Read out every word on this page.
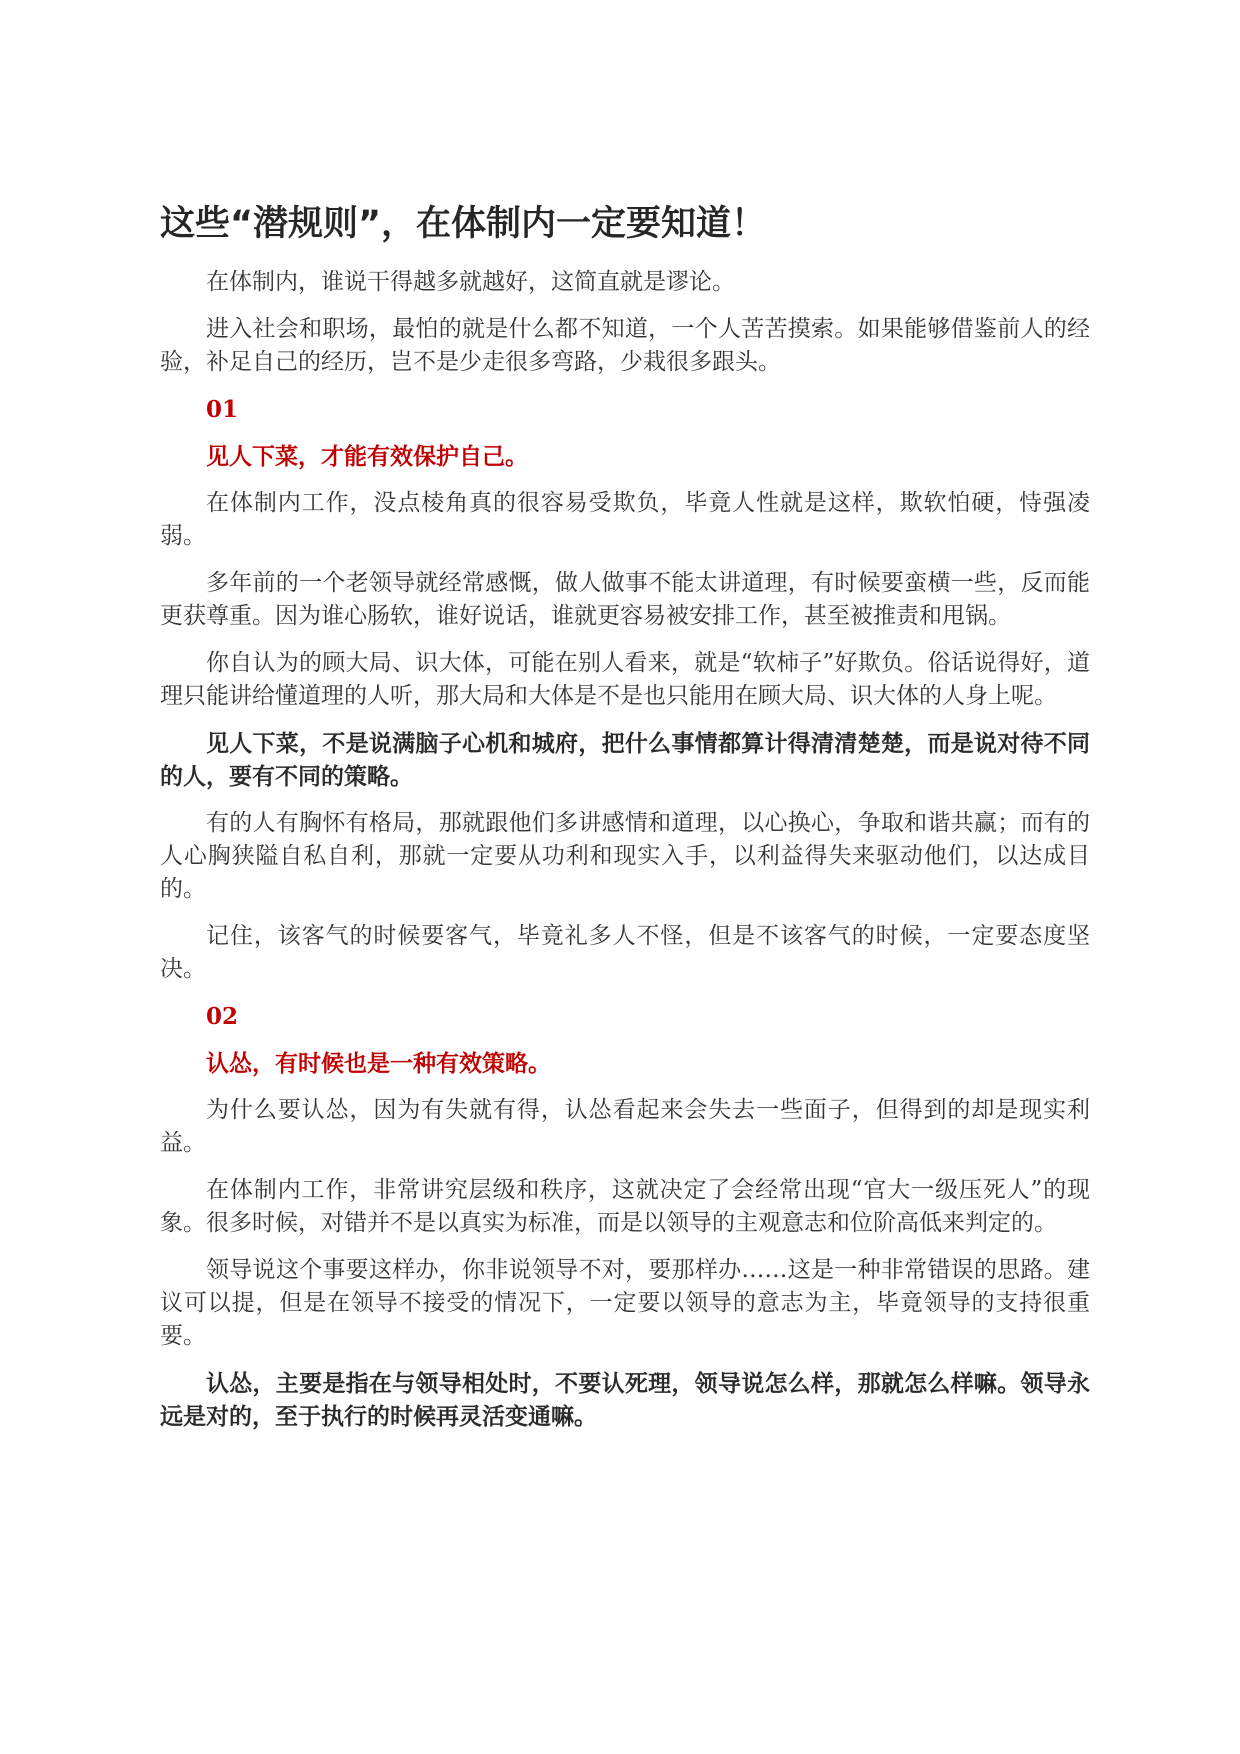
这些“潜规则”，在体制内一定要知道！

在体制内，谁说干得越多就越好，这简直就是谬论。

进入社会和职场，最怕的就是什么都不知道，一个人苦苦摸索。如果能够借鉴前人的经验，补足自己的经历，岂不是少走很多弯路，少栽很多跟头。

01
见人下菜，才能有效保护自己。

在体制内工作，没点棱角真的很容易受欺负，毕竟人性就是这样，欺软怕硬，恃强凌弱。

多年前的一个老领导就经常感慨，做人做事不能太讲道理，有时候要蛮横一些，反而能更获尊重。因为谁心肠软，谁好说话，谁就更容易被安排工作，甚至被推责和甩锅。

你自认为的顾大局、识大体，可能在别人看来，就是“软柿子”好欺负。俗话说得好，道理只能讲给懂道理的人听，那大局和大体是不是也只能用在顾大局、识大体的人身上呢。

见人下菜，不是说满脑子心机和城府，把什么事情都算计得清清楚楚，而是说对待不同的人，要有不同的策略。

有的人有胸怀有格局，那就跟他们多讲感情和道理，以心换心，争取和谐共赢；而有的人心胸狭隘自私自利，那就一定要从功利和现实入手，以利益得失来驱动他们，以达成目的。

记住，该客气的时候要客气，毕竟礼多人不怪，但是不该客气的时候，一定要态度坚决。

02
认怂，有时候也是一种有效策略。

为什么要认怂，因为有失就有得，认怂看起来会失去一些面子，但得到的却是现实利益。

在体制内工作，非常讲究层级和秩序，这就决定了会经常出现“官大一级压死人”的现象。很多时候，对错并不是以真实为标准，而是以领导的主观意志和位阶高低来判定的。

领导说这个事要这样办，你非说领导不对，要那样办……这是一种非常错误的思路。建议可以提，但是在领导不接受的情况下，一定要以领导的意志为主，毕竟领导的支持很重要。

认怂，主要是指在与领导相处时，不要认死理，领导说怎么样，那就怎么样嘛。领导永远是对的，至于执行的时候再灵活变通嘛。
